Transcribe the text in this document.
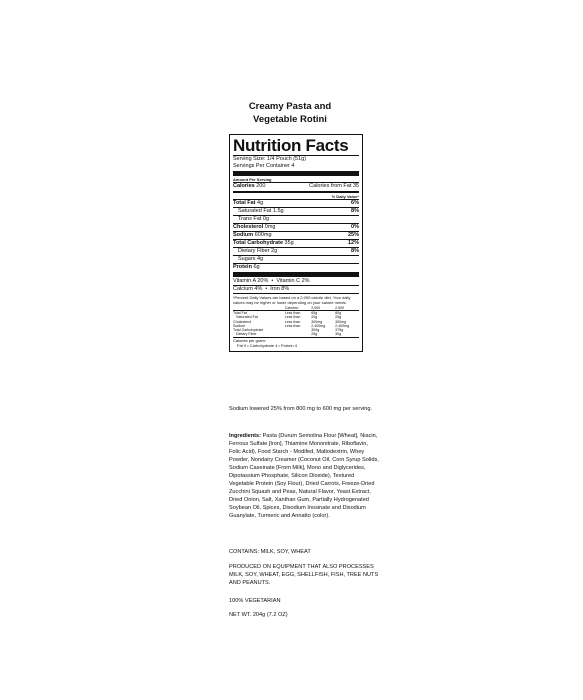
Creamy Pasta and Vegetable Rotini
Nutrition Facts
Serving Size: 1/4 Pouch (51g)
Servings Per Container 4
Amount Per Serving
Calories 200	Calories from Fat 35
% Daily Value*
Total Fat 4g	6%
Saturated Fat 1.5g	8%
Trans Fat 0g
Cholesterol 0mg	0%
Sodium 600mg	25%
Total Carbohydrate 35g	12%
Dietary Fiber 2g	8%
Sugars 4g
Protein 6g
Vitamin A 20% • Vitamin C 2%
Calcium 4% • Iron 8%
*Percent Daily Values are based on a 2,000 calorie diet. Your daily values may be higher or lower depending on your calorie needs:
	Calories:	2,000	2,500
Total Fat	Less than	65g	80g
Saturated Fat	Less than	20g	25g
Cholesterol	Less than	300mg	300mg
Sodium	Less than	2,400mg	2,400mg
Total Carbohydrate		300g	375g
Dietary Fiber		25g	30g
Calories per gram:
Fat 9 • Carbohydrate 4 • Protein 4

Sodium lowered 25% from 800 mg to 600 mg per serving.

Ingredients: Pasta (Durum Semolina Flour [Wheat], Niacin, Ferrous Sulfate [Iron], Thiamine Mononitrate, Riboflavin, Folic Acid), Food Starch - Modifed, Maltodextrin, Whey Powder, Nondairy Creamer (Coconut Oil, Corn Syrup Solids, Sodium Caseinate [From Milk], Mono and Diglycerides, Dipotassium Phosphate, Silicon Dioxide), Textured Vegetable Protein (Soy Flour), Dried Carrots, Freeze-Dried Zucchini Squash and Peas, Natural Flavor, Yeast Extract, Dried Onion, Salt, Xanthan Gum, Partially Hydrogenated Soybean Oil, Spices, Disodium Inosinate and Disodium Guanylate, Turmeric and Annatto (color).

CONTAINS: MILK, SOY, WHEAT

PRODUCED ON EQUIPMENT THAT ALSO PROCESSES MILK, SOY, WHEAT, EGG, SHELLFISH, FISH, TREE NUTS AND PEANUTS.

100% VEGETARIAN

NET WT. 204g (7.2 OZ)
